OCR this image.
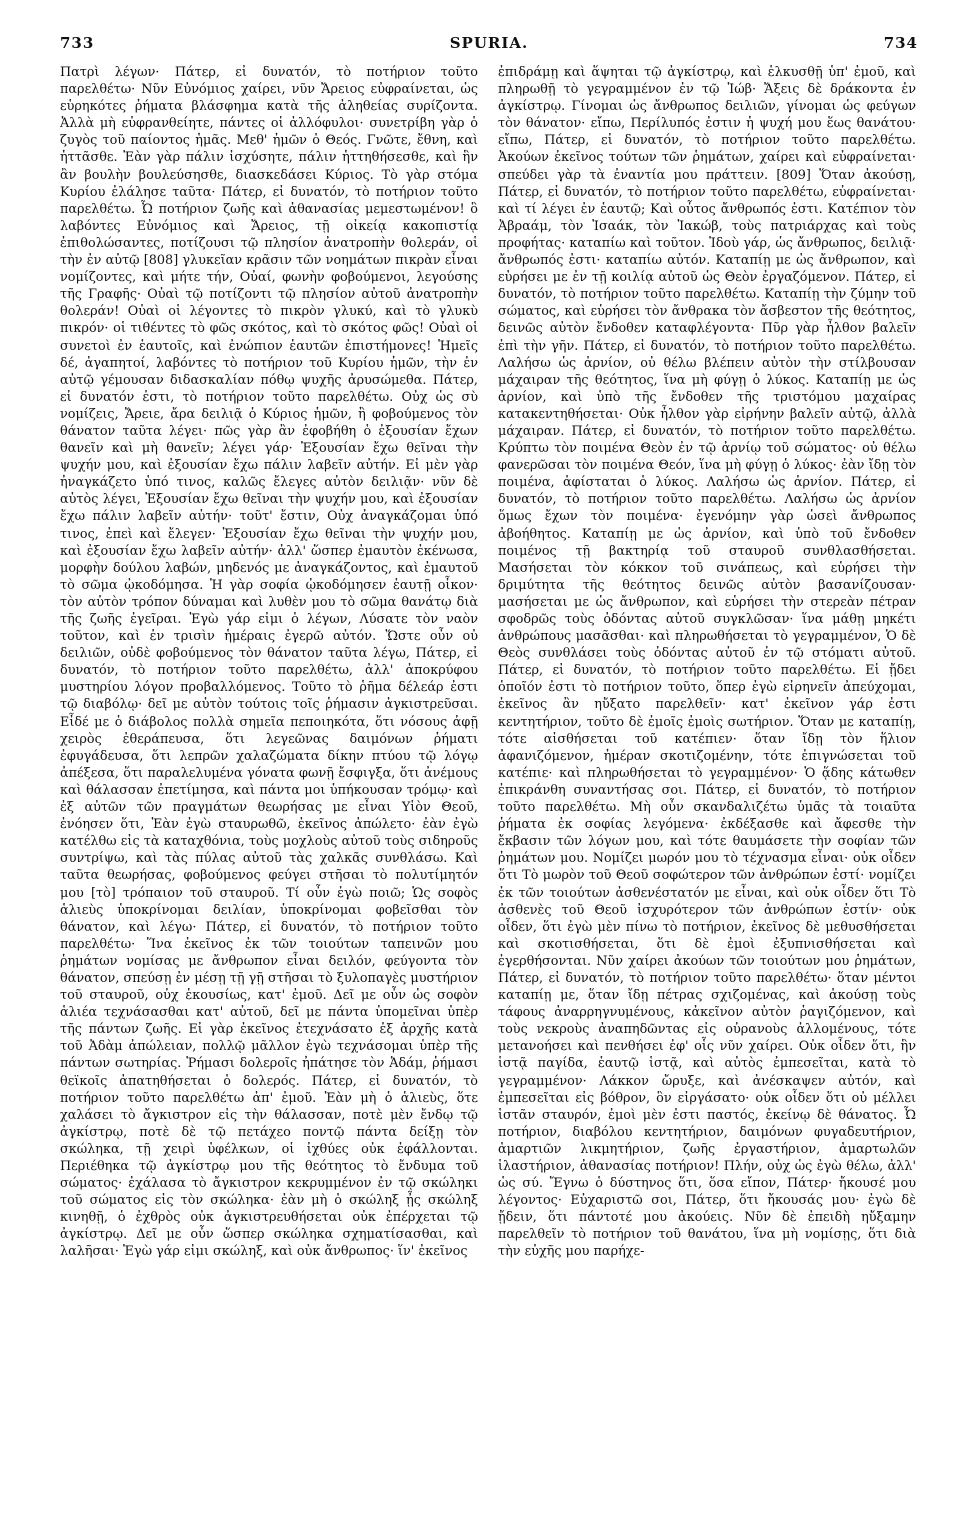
733	SPURIA.	734

Πατρὶ λέγων· Πάτερ, εἰ δυνατόν, τὸ ποτήριον τοῦτο παρελθέτω· Νῦν Εὐνόμιος χαίρει, νῦν Ἄρειος εὐφραίνεται, ὡς εὑρηκότες ῥήματα βλάσφημα κατὰ τῆς ἀληθείας συρίζοντα. Ἀλλὰ μὴ εὐφρανθείητε, πάντες οἱ ἀλλόφυλοι· συνετρίβη γὰρ ὁ ζυγὸς τοῦ παίοντος ἡμᾶς. Μεθ' ἡμῶν ὁ Θεός. Γνῶτε, ἔθνη, καὶ ἡττᾶσθε. Ἐὰν γὰρ πάλιν ἰσχύσητε, πάλιν ἡττηθήσεσθε, καὶ ἣν ἂν βουλὴν βουλεύσησθε, διασκεδάσει Κύριος. Τὸ γὰρ στόμα Κυρίου ἐλάλησε ταῦτα· Πάτερ, εἰ δυνατόν, τὸ ποτήριον τοῦτο παρελθέτω. Ὦ ποτήριον ζωῆς καὶ ἀθανασίας μεμεστωμένον! ὃ λαβόντες Εὐνόμιος καὶ Ἄρειος, τῇ οἰκείᾳ κακοπιστίᾳ ἐπιθολώσαντες, ποτίζουσι τῷ πλησίον ἀνατροπὴν θολεράν, οἱ τὴν ἐν αὐτῷ [808] γλυκεῖαν κρᾶσιν τῶν νοημάτων πικρὰν εἶναι νομίζοντες, καὶ μήτε τήν, Οὐαί, φωνὴν φοβούμενοι, λεγούσης τῆς Γραφῆς· Οὐαὶ τῷ ποτίζοντι τῷ πλησίον αὐτοῦ ἀνατροπὴν θολεράν! Οὐαὶ οἱ λέγοντες τὸ πικρὸν γλυκύ, καὶ τὸ γλυκὺ πικρόν· οἱ τιθέντες τὸ φῶς σκότος, καὶ τὸ σκότος φῶς! Οὐαὶ οἱ συνετοὶ ἐν ἑαυτοῖς, καὶ ἐνώπιον ἑαυτῶν ἐπιστήμονες! Ἡμεῖς δέ, ἀγαπητοί, λαβόντες τὸ ποτήριον τοῦ Κυρίου ἡμῶν, τὴν ἐν αὐτῷ γέμουσαν διδασκαλίαν πόθῳ ψυχῆς ἀρυσώμεθα. Πάτερ, εἰ δυνατόν ἐστι, τὸ ποτήριον τοῦτο παρελθέτω. Οὐχ ὡς σὺ νομίζεις, Ἄρειε, ἄρα δειλιᾷ ὁ Κύριος ἡμῶν, ἢ φοβούμενος τὸν θάνατον ταῦτα λέγει· πῶς γὰρ ἂν ἐφοβήθη ὁ ἐξουσίαν ἔχων θανεῖν καὶ μὴ θανεῖν; λέγει γάρ· Ἐξουσίαν ἔχω θεῖναι τὴν ψυχήν μου, καὶ ἐξουσίαν ἔχω πάλιν λαβεῖν αὐτήν. Εἰ μὲν γὰρ ἠναγκάζετο ὑπό τινος, καλῶς ἔλεγες αὐτὸν δειλιᾷν· νῦν δὲ αὐτὸς λέγει, Ἐξουσίαν ἔχω θεῖναι τὴν ψυχήν μου, καὶ ἐξουσίαν ἔχω πάλιν λαβεῖν αὐτήν· τοῦτ' ἔστιν, Οὐχ ἀναγκάζομαι ὑπό τινος, ἐπεὶ καὶ ἔλεγεν· Ἐξουσίαν ἔχω θεῖναι τὴν ψυχήν μου, καὶ ἐξουσίαν ἔχω λαβεῖν αὐτήν· ἀλλ' ὥσπερ ἐμαυτὸν ἐκένωσα, μορφὴν δούλου λαβών, μηδενός με ἀναγκάζοντος, καὶ ἐμαυτοῦ τὸ σῶμα ᾠκοδόμησα. Ἡ γὰρ σοφία ᾠκοδόμησεν ἑαυτῇ οἶκον· τὸν αὐτὸν τρόπον δύναμαι καὶ λυθὲν μου τὸ σῶμα θανάτῳ διὰ τῆς ζωῆς ἐγεῖραι. Ἐγὼ γάρ εἰμι ὁ λέγων, Λύσατε τὸν ναὸν τοῦτον, καὶ ἐν τρισὶν ἡμέραις ἐγερῶ αὐτόν. Ὥστε οὖν οὐ δειλιῶν, οὐδὲ φοβούμενος τὸν θάνατον ταῦτα λέγω, Πάτερ, εἰ δυνατόν, τὸ ποτήριον τοῦτο παρελθέτω, ἀλλ' ἀποκρύφου μυστηρίου λόγον προβαλλόμενος. Τοῦτο τὸ ῥῆμα δέλεάρ ἐστι τῷ διαβόλῳ· δεῖ με αὐτὸν τούτοις τοῖς ῥήμασιν ἀγκιστρεῦσαι. Εἶδέ με ὁ διάβολος πολλὰ σημεῖα πεποιηκότα, ὅτι νόσους ἀφῇ χειρὸς ἐθεράπευσα, ὅτι λεγεῶνας δαιμόνων ῥήματι ἐφυγάδευσα, ὅτι λεπρῶν χαλαζώματα δίκην πτύου τῷ λόγῳ ἀπέξεσα, ὅτι παραλελυμένα γόνατα φωνῇ ἔσφιγξα, ὅτι ἀνέμους καὶ θάλασσαν ἐπετίμησα, καὶ πάντα μοι ὑπήκουσαν τρόμῳ· καὶ ἐξ αὐτῶν τῶν πραγμάτων θεωρήσας με εἶναι Υἱὸν Θεοῦ, ἐνόησεν ὅτι, Ἐὰν ἐγὼ σταυρωθῶ, ἐκεῖνος ἀπώλετο· ἐὰν ἐγὼ κατέλθω εἰς τὰ καταχθόνια, τοὺς μοχλοὺς αὐτοῦ τοὺς σιδηροῦς συντρίψω, καὶ τὰς πύλας αὐτοῦ τὰς χαλκᾶς συνθλάσω. Καὶ ταῦτα θεωρήσας, φοβούμενος φεύγει στῆσαι τὸ πολυτίμητόν μου [τὸ] τρόπαιον τοῦ σταυροῦ. Τί οὖν ἐγὼ ποιῶ; Ὡς σοφὸς ἁλιεὺς ὑποκρίνομαι δειλίαν, ὑποκρίνομαι φοβεῖσθαι τὸν θάνατον, καὶ λέγω· Πάτερ, εἰ δυνατόν, τὸ ποτήριον τοῦτο παρελθέτω· Ἵνα ἐκεῖνος ἐκ τῶν τοιούτων ταπεινῶν μου ῥημάτων νομίσας με ἄνθρωπον εἶναι δειλόν, φεύγοντα τὸν θάνατον, σπεύσῃ ἐν μέσῃ τῇ γῇ στῆσαι τὸ ξυλοπαγὲς μυστήριον τοῦ σταυροῦ, οὐχ ἑκουσίως, κατ' ἐμοῦ. Δεῖ με οὖν ὡς σοφὸν ἁλιέα τεχνάσασθαι κατ' αὐτοῦ, δεῖ με πάντα ὑπομεῖναι ὑπὲρ τῆς πάντων ζωῆς. Εἰ γὰρ ἐκεῖνος ἐτεχνάσατο ἐξ ἀρχῆς κατὰ τοῦ Ἀδὰμ ἀπώλειαν, πολλῷ μᾶλλον ἐγὼ τεχνάσομαι ὑπὲρ τῆς πάντων σωτηρίας. Ῥήμασι δολεροῖς ἠπάτησε τὸν Ἀδάμ, ῥήμασι θεϊκοῖς ἀπατηθήσεται ὁ δολερός. Πάτερ, εἰ δυνατόν, τὸ ποτήριον τοῦτο παρελθέτω ἀπ' ἐμοῦ. Ἐὰν μὴ ὁ ἁλιεὺς, ὅτε χαλάσει τὸ ἄγκιστρον εἰς τὴν θάλασσαν, ποτὲ μὲν ἔνδῳ τῷ ἀγκίστρῳ, ποτὲ δὲ τῷ πετάχεο ποντῷ πάντα δείξῃ τὸν σκώληκα, τῇ χειρὶ ὑφέλκων, οἱ ἰχθύες οὐκ ἐφάλλονται. Περιέθηκα τῷ ἀγκίστρῳ μου τῆς θεότητος τὸ ἔνδυμα τοῦ σώματος· ἐχάλασα τὸ ἄγκιστρον κεκρυμμένον ἐν τῷ σκώληκι τοῦ σώματος εἰς τὸν σκώληκα· ἐὰν μὴ ὁ σκώληξ ᾖς σκώληξ κινηθῇ, ὁ ἐχθρὸς οὐκ ἀγκιστρευθήσεται οὐκ ἐπέρχεται τῷ ἀγκίστρῳ. Δεῖ με οὖν ὥσπερ σκώληκα σχηματίσασθαι, καὶ λαλῆσαι· Ἐγὼ γάρ εἰμι σκώληξ, καὶ οὐκ ἄνθρωπος· ἵν' ἐκεῖνος

ἐπιδράμῃ καὶ ἅψηται τῷ ἀγκίστρῳ, καὶ ἑλκυσθῇ ὑπ' ἐμοῦ, καὶ πληρωθῇ τὸ γεγραμμένον ἐν τῷ Ἰώβ· Ἄξεις δὲ δράκοντα ἐν ἀγκίστρῳ. Γίνομαι ὡς ἄνθρωπος δειλιῶν, γίνομαι ὡς φεύγων τὸν θάνατον· εἴπω, Περίλυπός ἐστιν ἡ ψυχή μου ἕως θανάτου· εἴπω, Πάτερ, εἰ δυνατόν, τὸ ποτήριον τοῦτο παρελθέτω. Ἀκούων ἐκεῖνος τούτων τῶν ῥημάτων, χαίρει καὶ εὐφραίνεται· σπεύδει γὰρ τὰ ἐναντία μου πράττειν. [809] Ὅταν ἀκούσῃ, Πάτερ, εἰ δυνατόν, τὸ ποτήριον τοῦτο παρελθέτω, εὐφραίνεται· καὶ τί λέγει ἐν ἑαυτῷ; Καὶ οὗτος ἄνθρωπός ἐστι. Κατέπιον τὸν Ἀβραάμ, τὸν Ἰσαάκ, τὸν Ἰακώβ, τοὺς πατριάρχας καὶ τοὺς προφήτας· καταπίω καὶ τοῦτον. Ἰδοὺ γάρ, ὡς ἄνθρωπος, δειλιᾷ· ἄνθρωπός ἐστι· καταπίω αὐτόν. Καταπίῃ με ὡς ἄνθρωπον, καὶ εὑρήσει με ἐν τῇ κοιλίᾳ αὐτοῦ ὡς Θεὸν ἐργαζόμενον. Πάτερ, εἰ δυνατόν, τὸ ποτήριον τοῦτο παρελθέτω. Καταπίῃ τὴν ζύμην τοῦ σώματος, καὶ εὑρήσει τὸν ἄνθρακα τὸν ἄσβεστον τῆς θεότητος, δεινῶς αὐτὸν ἔνδοθεν καταφλέγοντα· Πῦρ γὰρ ἦλθον βαλεῖν ἐπὶ τὴν γῆν. Πάτερ, εἰ δυνατόν, τὸ ποτήριον τοῦτο παρελθέτω. Λαλήσω ὡς ἀρνίον, οὐ θέλω βλέπειν αὐτὸν τὴν στίλβουσαν μάχαιραν τῆς θεότητος, ἵνα μὴ φύγῃ ὁ λύκος. Καταπίῃ με ὡς ἀρνίον, καὶ ὑπὸ τῆς ἔνδοθεν τῆς τριστόμου μαχαίρας κατακεντηθήσεται· Οὐκ ἦλθον γὰρ εἰρήνην βαλεῖν αὐτῷ, ἀλλὰ μάχαιραν. Πάτερ, εἰ δυνατόν, τὸ ποτήριον τοῦτο παρελθέτω. Κρύπτω τὸν ποιμένα Θεὸν ἐν τῷ ἀρνίῳ τοῦ σώματος· οὐ θέλω φανερῶσαι τὸν ποιμένα Θεόν, ἵνα μὴ φύγῃ ὁ λύκος· ἐὰν ἴδῃ τὸν ποιμένα, ἀφίσταται ὁ λύκος. Λαλήσω ὡς ἀρνίον. Πάτερ, εἰ δυνατόν, τὸ ποτήριον τοῦτο παρελθέτω. Λαλήσω ὡς ἀρνίον ὅμως ἔχων τὸν ποιμένα· ἐγενόμην γὰρ ὡσεὶ ἄνθρωπος ἀβοήθητος. Καταπίῃ με ὡς ἀρνίον, καὶ ὑπὸ τοῦ ἔνδοθεν ποιμένος τῇ βακτηρίᾳ τοῦ σταυροῦ συνθλασθήσεται. Μασήσεται τὸν κόκκον τοῦ σινάπεως, καὶ εὑρήσει τὴν δριμύτητα τῆς θεότητος δεινῶς αὐτὸν βασανίζουσαν· μασήσεται με ὡς ἄνθρωπον, καὶ εὑρήσει τὴν στερεὰν πέτραν σφοδρῶς τοὺς ὀδόντας αὐτοῦ συγκλῶσαν· ἵνα μάθῃ μηκέτι ἀνθρώπους μασᾶσθαι· καὶ πληρωθήσεται τὸ γεγραμμένον, Ὁ δὲ Θεὸς συνθλάσει τοὺς ὀδόντας αὐτοῦ ἐν τῷ στόματι αὐτοῦ. Πάτερ, εἰ δυνατόν, τὸ ποτήριον τοῦτο παρελθέτω. Εἰ ᾔδει ὁποῖόν ἐστι τὸ ποτήριον τοῦτο, ὅπερ ἐγὼ εἰρηνεῖν ἀπεύχομαι, ἐκεῖνος ἂν ηὔξατο παρελθεῖν· κατ' ἐκεῖνον γάρ ἐστι κεντητήριον, τοῦτο δὲ ἐμοῖς ἐμοὶς σωτήριον. Ὅταν με καταπίῃ, τότε αἰσθήσεται τοῦ κατέπιεν· ὅταν ἴδῃ τὸν ἥλιον ἀφανιζόμενον, ἡμέραν σκοτιζομένην, τότε ἐπιγνώσεται τοῦ κατέπιε· καὶ πληρωθήσεται τὸ γεγραμμένον· Ὁ ᾅδης κάτωθεν ἐπικράνθη συναντήσας σοι. Πάτερ, εἰ δυνατόν, τὸ ποτήριον τοῦτο παρελθέτω. Μὴ οὖν σκανδαλιζέτω ὑμᾶς τὰ τοιαῦτα ῥήματα ἐκ σοφίας λεγόμενα· ἐκδέξασθε καὶ ἄφεσθε τὴν ἔκβασιν τῶν λόγων μου, καὶ τότε θαυμάσετε τὴν σοφίαν τῶν ῥημάτων μου. Νομίζει μωρόν μου τὸ τέχνασμα εἶναι· οὐκ οἶδεν ὅτι Τὸ μωρὸν τοῦ Θεοῦ σοφώτερον τῶν ἀνθρώπων ἐστί· νομίζει ἐκ τῶν τοιούτων ἀσθενέστατόν με εἶναι, καὶ οὐκ οἶδεν ὅτι Τὸ ἀσθενὲς τοῦ Θεοῦ ἰσχυρότερον τῶν ἀνθρώπων ἐστίν· οὐκ οἶδεν, ὅτι ἐγὼ μὲν πίνω τὸ ποτήριον, ἐκεῖνος δὲ μεθυσθήσεται καὶ σκοτισθήσεται, ὅτι δὲ ἐμοὶ ἐξυπνισθήσεται καὶ ἐγερθήσονται. Νῦν χαίρει ἀκούων τῶν τοιούτων μου ῥημάτων, Πάτερ, εἰ δυνατόν, τὸ ποτήριον τοῦτο παρελθέτω· ὅταν μέντοι καταπίῃ με, ὅταν ἴδῃ πέτρας σχιζομένας, καὶ ἀκούσῃ τοὺς τάφους ἀναρρηγνυμένους, κἀκεῖνον αὐτὸν ῥαγιζόμενον, καὶ τοὺς νεκροὺς ἀναπηδῶντας εἰς οὐρανοὺς ἀλλομένους, τότε μετανοήσει καὶ πενθήσει ἐφ' οἷς νῦν χαίρει. Οὐκ οἶδεν ὅτι, ἣν ἱστᾷ παγίδα, ἑαυτῷ ἱστᾷ, καὶ αὐτὸς ἐμπεσεῖται, κατὰ τὸ γεγραμμένον· Λάκκον ὤρυξε, καὶ ἀνέσκαψεν αὐτόν, καὶ ἐμπεσεῖται εἰς βόθρον, ὃν εἰργάσατο· οὐκ οἶδεν ὅτι οὐ μέλλει ἱστᾶν σταυρόν, ἐμοὶ μὲν ἐστι παστός, ἐκείνῳ δὲ θάνατος. Ὦ ποτήριον, διαβόλου κεντητήριον, δαιμόνων φυγαδευτήριον, ἁμαρτιῶν λικμητήριον, ζωῆς ἐργαστήριον, ἁμαρτωλῶν ἱλαστήριον, ἀθανασίας ποτήριον! Πλήν, οὐχ ὡς ἐγὼ θέλω, ἀλλ' ὡς σύ. Ἔγνω ὁ δύστηνος ὅτι, ὅσα εἴπον, Πάτερ· ἤκουσέ μου λέγοντος· Εὐχαριστῶ σοι, Πάτερ, ὅτι ἤκουσάς μου· ἐγὼ δὲ ᾔδειν, ὅτι πάντοτέ μου ἀκούεις. Νῦν δὲ ἐπειδὴ ηὔξαμην παρελθεῖν τὸ ποτήριον τοῦ θανάτου, ἵνα μὴ νομίσῃς, ὅτι διὰ τὴν εὐχῆς μου παρήχε-
